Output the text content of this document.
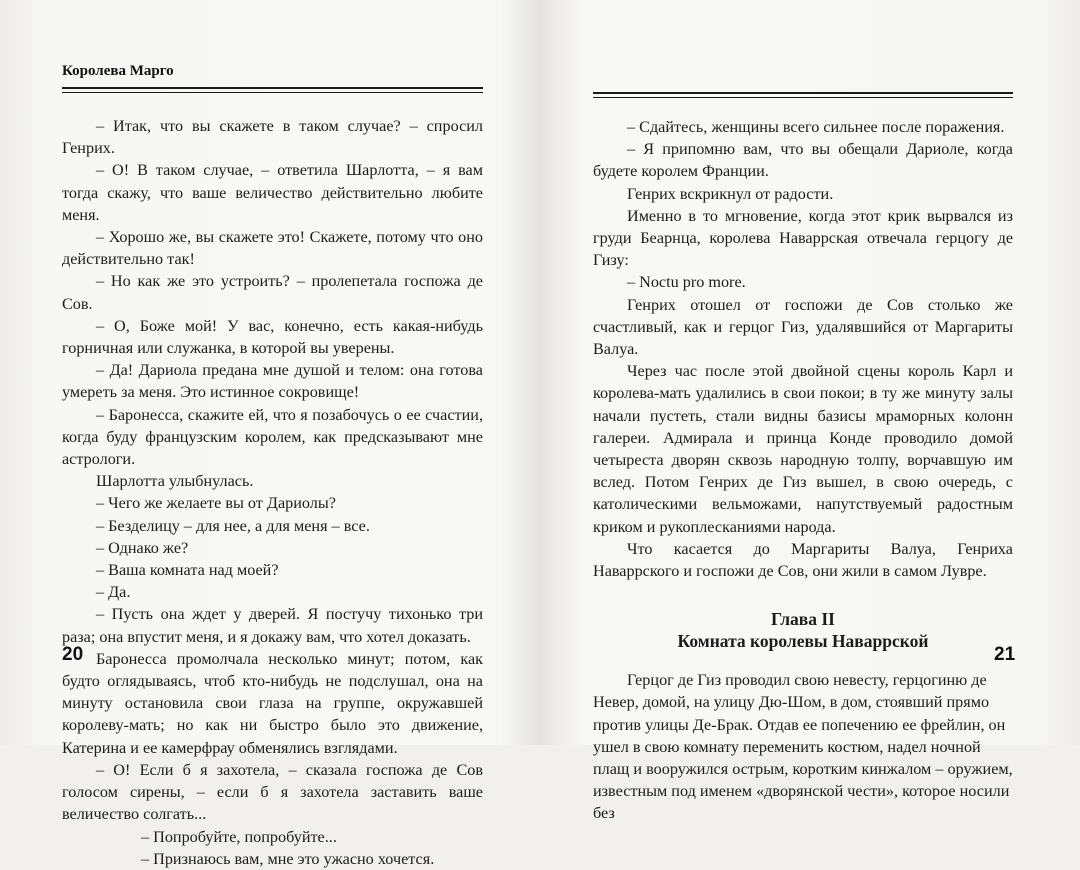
Королева Марго

– Итак, что вы скажете в таком случае? – спросил Генрих.

– О! В таком случае, – ответила Шарлотта, – я вам тогда скажу, что ваше величество действительно любите меня.

– Хорошо же, вы скажете это! Скажете, потому что оно действительно так!

– Но как же это устроить? – пролепетала госпожа де Сов.

– О, Боже мой! У вас, конечно, есть какая-нибудь горничная или служанка, в которой вы уверены.

– Да! Дариола предана мне душой и телом: она готова умереть за меня. Это истинное сокровище!

– Баронесса, скажите ей, что я позабочусь о ее счастии, когда буду французским королем, как предсказывают мне астрологи.

Шарлотта улыбнулась.

– Чего же желаете вы от Дариолы?

– Безделицу – для нее, а для меня – все.

– Однако же?

– Ваша комната над моей?

– Да.

– Пусть она ждет у дверей. Я постучу тихонько три раза; она впустит меня, и я докажу вам, что хотел доказать.

Баронесса промолчала несколько минут; потом, как будто оглядываясь, чтоб кто-нибудь не подслушал, она на минуту остановила свои глаза на группе, окружавшей королеву-мать; но как ни быстро было это движение, Катерина и ее камерфрау обменялись взглядами.

– О! Если б я захотела, – сказала госпожа де Сов голосом сирены, – если б я захотела заставить ваше величество солгать...

– Попробуйте, попробуйте...

– Признаюсь вам, мне это ужасно хочется.

20

– Сдайтесь, женщины всего сильнее после поражения.

– Я припомню вам, что вы обещали Дариоле, когда будете королем Франции.

Генрих вскрикнул от радости.

Именно в то мгновение, когда этот крик вырвался из груди Беарнца, королева Наваррская отвечала герцогу де Гизу:

– Noctu pro more.

Генрих отошел от госпожи де Сов столько же счастливый, как и герцог Гиз, удалявшийся от Маргариты Валуа.

Через час после этой двойной сцены король Карл и королева-мать удалились в свои покои; в ту же минуту залы начали пустеть, стали видны базисы мраморных колонн галереи. Адмирала и принца Конде проводило домой четыреста дворян сквозь народную толпу, ворчавшую им вслед. Потом Генрих де Гиз вышел, в свою очередь, с католическими вельможами, напутствуемый радостным криком и рукоплесканиями народа.

Что касается до Маргариты Валуа, Генриха Наваррского и госпожи де Сов, они жили в самом Лувре.

Глава II
Комната королевы Наваррской

Герцог де Гиз проводил свою невесту, герцогиню де Невер, домой, на улицу Дю-Шом, в дом, стоявший прямо против улицы Де-Брак. Отдав ее попечению ее фрейлин, он ушел в свою комнату переменить костюм, надел ночной плащ и вооружился острым, коротким кинжалом – оружием, известным под именем «дворянской чести», которое носили без

21
